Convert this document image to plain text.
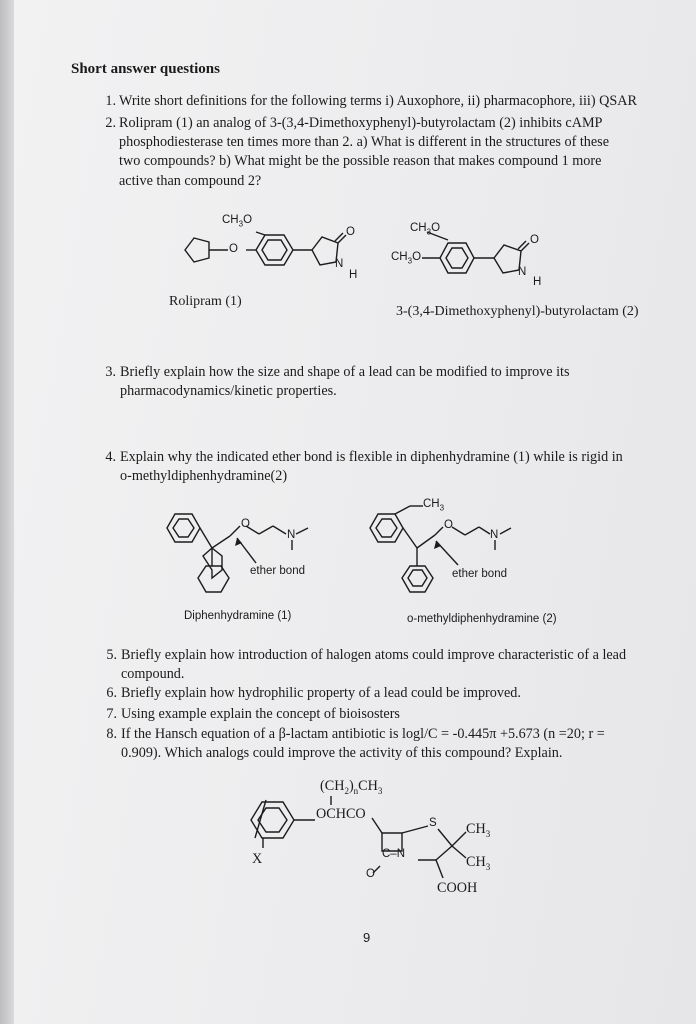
Short answer questions
1. Write short definitions for the following terms i) Auxophore, ii) pharmacophore, iii) QSAR
2. Rolipram (1) an analog of 3-(3,4-Dimethoxyphenyl)-butyrolactam (2) inhibits cAMP
phosphodiesterase ten times more than 2. a) What is different in the structures of these
two compounds? b) What might be the possible reason that makes compound 1 more
active than compound 2?
$CH_3O$
O
O
N
H
$CH_3O$
$CH_3O$
O
N
H
Rolipram (1)
3-(3,4-Dimethoxyphenyl)-butyrolactam (2)
3. Briefly explain how the size and shape of a lead can be modified to improve its
pharmacodynamics/kinetic properties.
4. Explain why the indicated ether bond is flexible in diphenhydramine (1) while is rigid in
o-methyldiphenhydramine(2)
O
N
ether bond
$CH_3$
O
N
ether bond
Diphenhydramine (1)	o-methyldiphenhydramine (2)
5. Briefly explain how introduction of halogen atoms could improve characteristic of a lead
compound.
6. Briefly explain how hydrophilic property of a lead could be improved.
7. Using example explain the concept of bioisosters
8. If the Hansch equation of a β-lactam antibiotic is logl/C = -0.445π +5.673 (n =20; r =
0.909). Which analogs could improve the activity of this compound? Explain.
$(CH_2)_nCH_3$
OCHCO
X
S $CH_3$
$CH_3$
C–N
O
COOH
9
